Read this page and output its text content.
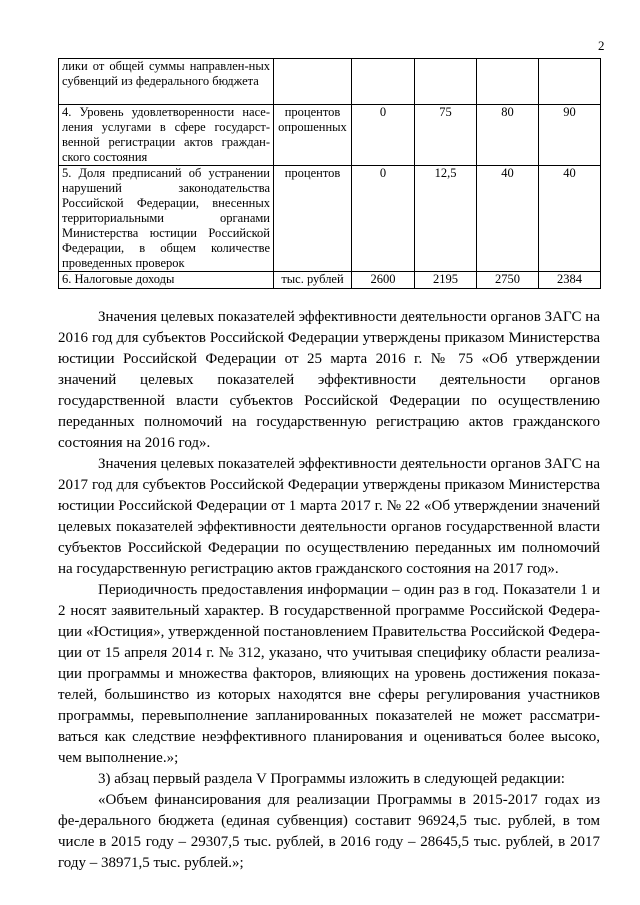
2
лики от общей суммы направлен-ных субвенций из федерального бюджета					
4. Уровень удовлетворенности насе-ления услугами в сфере государст-венной регистрации актов граждан-ского состояния	процентов опрошенных	0	75	80	90
5. Доля предписаний об устранении нарушений законодательства Российской Федерации, внесенных территориальными органами Министерства юстиции Российской Федерации, в общем количестве проведенных проверок	процентов	0	12,5	40	40
6. Налоговые доходы	тыс. рублей	2600	2195	2750	2384

Значения целевых показателей эффективности деятельности органов ЗАГС на 2016 год для субъектов Российской Федерации утверждены приказом Министерства юстиции Российской Федерации от 25 марта 2016 г. № 75 «Об утверждении значений целевых показателей эффективности деятельности органов государственной власти субъектов Российской Федерации по осуществлению переданных полномочий на государственную регистрацию актов гражданского состояния на 2016 год».

Значения целевых показателей эффективности деятельности органов ЗАГС на 2017 год для субъектов Российской Федерации утверждены приказом Министерства юстиции Российской Федерации от 1 марта 2017 г. № 22 «Об утверждении значений целевых показателей эффективности деятельности органов государственной власти субъектов Российской Федерации по осуществлению переданных им полномочий на государственную регистрацию актов гражданского состояния на 2017 год».

Периодичность предоставления информации – один раз в год. Показатели 1 и 2 носят заявительный характер. В государственной программе Российской Федера-ции «Юстиция», утвержденной постановлением Правительства Российской Федера-ции от 15 апреля 2014 г. № 312, указано, что учитывая специфику области реализа-ции программы и множества факторов, влияющих на уровень достижения показа-телей, большинство из которых находятся вне сферы регулирования участников программы, перевыполнение запланированных показателей не может рассматри-ваться как следствие неэффективного планирования и оцениваться более высоко, чем выполнение.»;

3) абзац первый раздела V Программы изложить в следующей редакции:

«Объем финансирования для реализации Программы в 2015-2017 годах из фе-дерального бюджета (единая субвенция) составит 96924,5 тыс. рублей, в том числе в 2015 году – 29307,5 тыс. рублей, в 2016 году – 28645,5 тыс. рублей, в 2017 году – 38971,5 тыс. рублей.»;
